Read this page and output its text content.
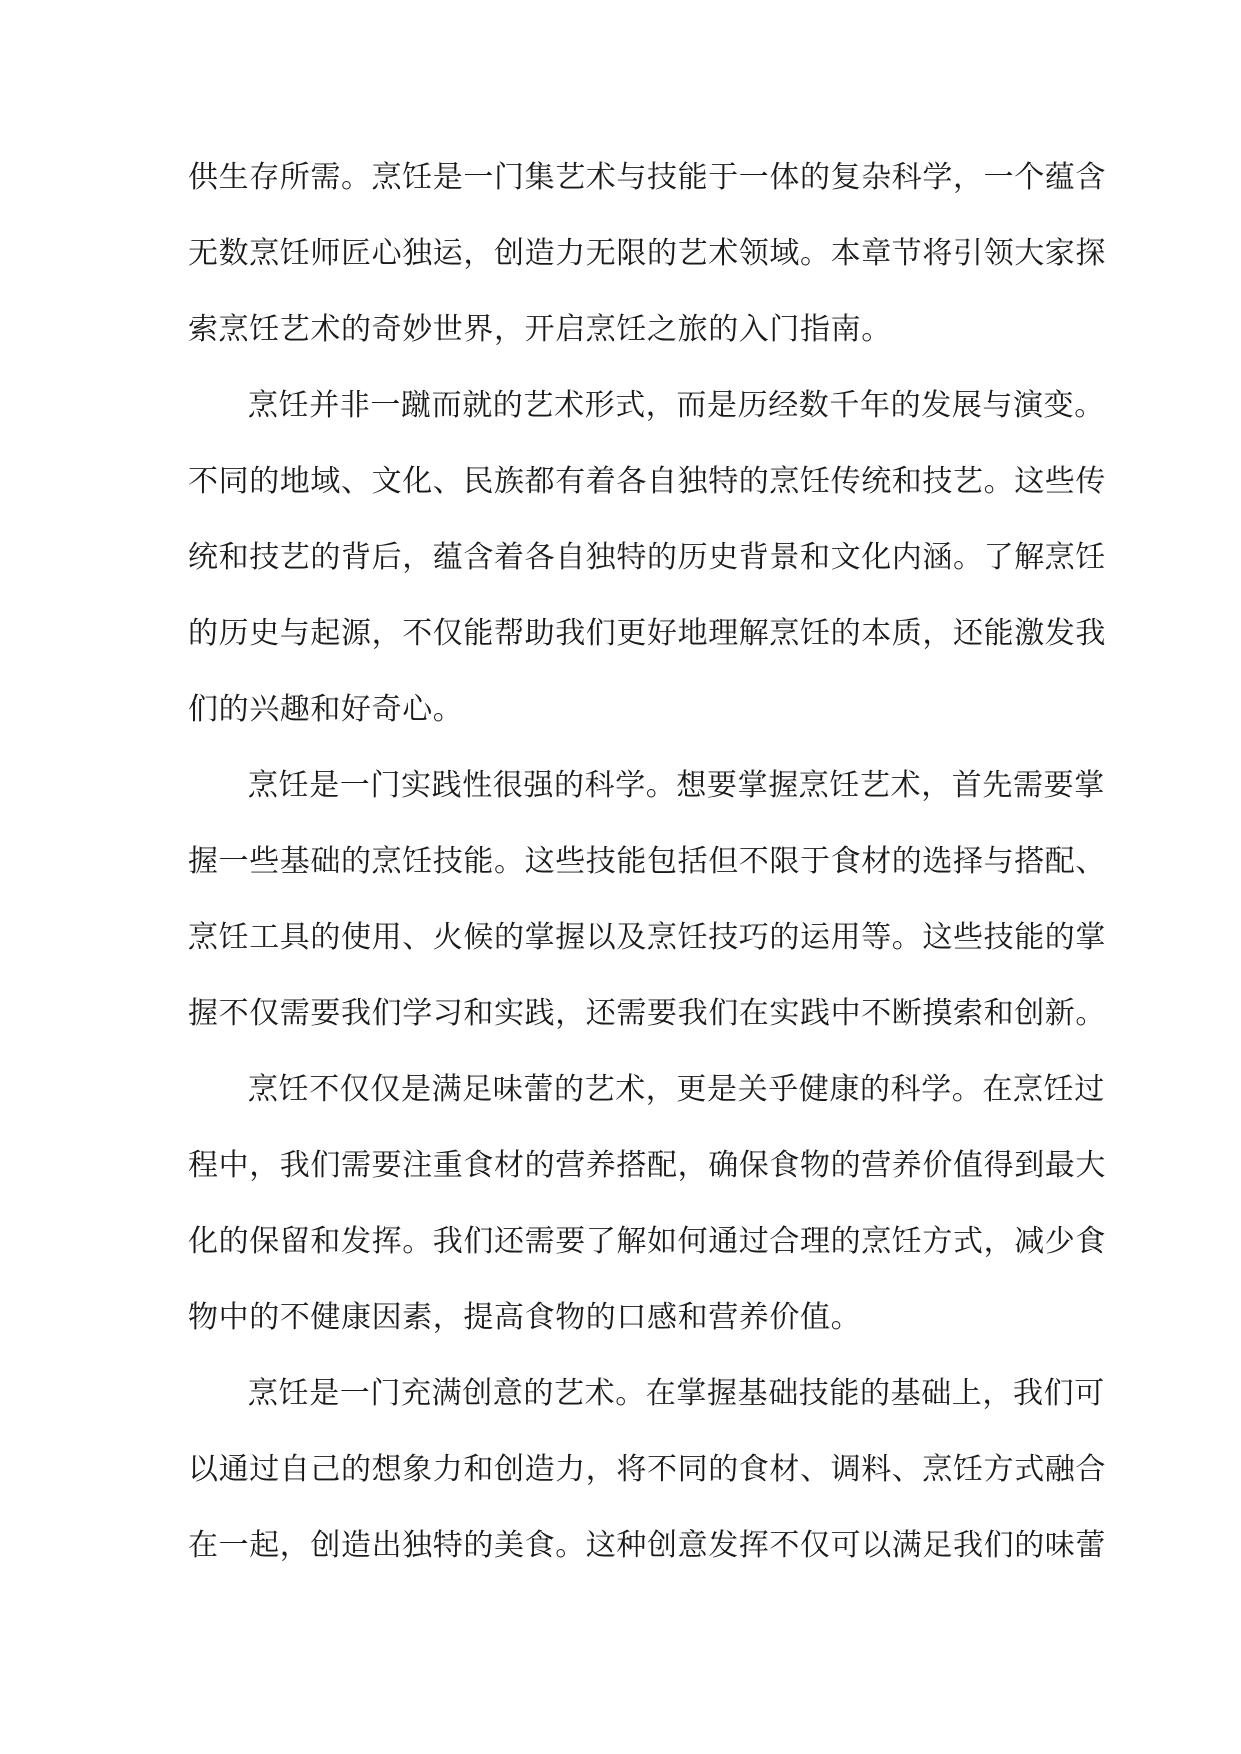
供生存所需。烹饪是一门集艺术与技能于一体的复杂科学，一个蕴含
无数烹饪师匠心独运，创造力无限的艺术领域。本章节将引领大家探
索烹饪艺术的奇妙世界，开启烹饪之旅的入门指南。
烹饪并非一蹴而就的艺术形式，而是历经数千年的发展与演变。
不同的地域、文化、民族都有着各自独特的烹饪传统和技艺。这些传
统和技艺的背后，蕴含着各自独特的历史背景和文化内涵。了解烹饪
的历史与起源，不仅能帮助我们更好地理解烹饪的本质，还能激发我
们的兴趣和好奇心。
烹饪是一门实践性很强的科学。想要掌握烹饪艺术，首先需要掌
握一些基础的烹饪技能。这些技能包括但不限于食材的选择与搭配、
烹饪工具的使用、火候的掌握以及烹饪技巧的运用等。这些技能的掌
握不仅需要我们学习和实践，还需要我们在实践中不断摸索和创新。
烹饪不仅仅是满足味蕾的艺术，更是关乎健康的科学。在烹饪过
程中，我们需要注重食材的营养搭配，确保食物的营养价值得到最大
化的保留和发挥。我们还需要了解如何通过合理的烹饪方式，减少食
物中的不健康因素，提高食物的口感和营养价值。
烹饪是一门充满创意的艺术。在掌握基础技能的基础上，我们可
以通过自己的想象力和创造力，将不同的食材、调料、烹饪方式融合
在一起，创造出独特的美食。这种创意发挥不仅可以满足我们的味蕾
